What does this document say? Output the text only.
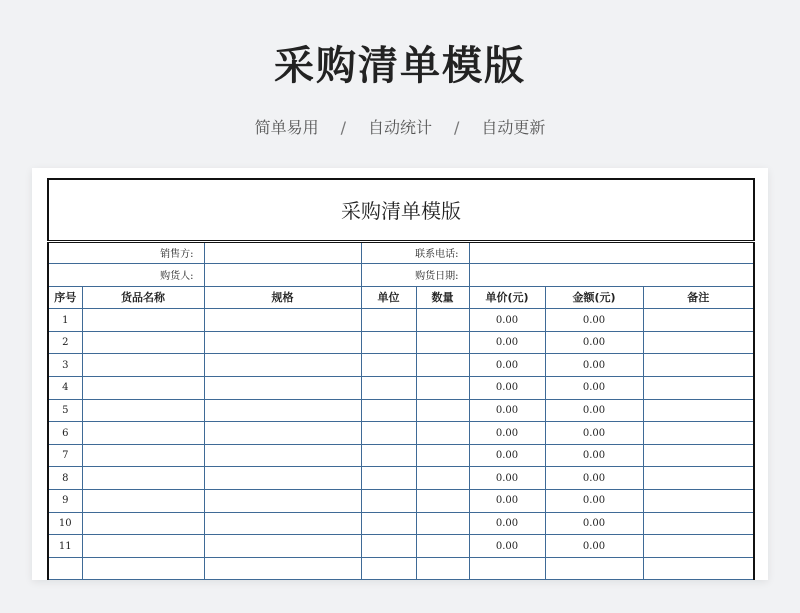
采购清单模版
简单易用 / 自动统计 / 自动更新
采购清单模版							
销售方:			联系电话:				
购货人:			购货日期:				
序号	货品名称	规格	单位	数量	单价(元)	金额(元)	备注
1					0.00	0.00	
2					0.00	0.00	
3					0.00	0.00	
4					0.00	0.00	
5					0.00	0.00	
6					0.00	0.00	
7					0.00	0.00	
8					0.00	0.00	
9					0.00	0.00	
10					0.00	0.00	
11					0.00	0.00	
